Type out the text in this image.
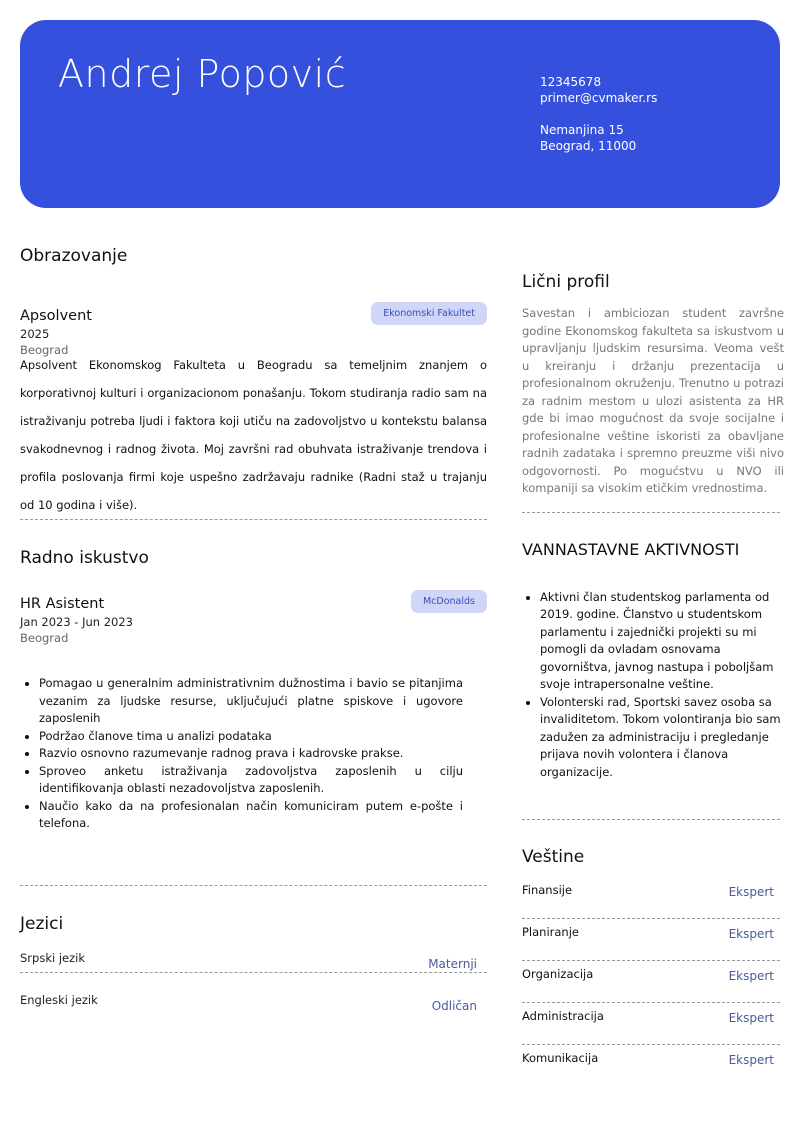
Andrej Popović	12345678
primer@cvmaker.rs
Nemanjina 15
Beograd, 11000
Obrazovanje
Ekonomski Fakultet
Apsolvent
2025
Beograd
Apsolvent Ekonomskog Fakulteta u Beogradu sa temeljnim znanjem o korporativnoj kulturi i organizacionom ponašanju. Tokom studiranja radio sam na istraživanju potreba ljudi i faktora koji utiču na zadovoljstvo u kontekstu balansa svakodnevnog i radnog života. Moj završni rad obuhvata istraživanje trendova i profila poslovanja firmi koje uspešno zadržavaju radnike (Radni staž u trajanju od 10 godina i više).
Radno iskustvo
McDonalds
HR Asistent
Jan 2023 - Jun 2023
Beograd
• Pomagao u generalnim administrativnim dužnostima i bavio se pitanjima vezanim za ljudske resurse, uključujući platne spiskove i ugovore zaposlenih
• Podržao članove tima u analizi podataka
• Razvio osnovno razumevanje radnog prava i kadrovske prakse.
• Sproveo anketu istraživanja zadovoljstva zaposlenih u cilju identifikovanja oblasti nezadovoljstva zaposlenih.
• Naučio kako da na profesionalan način komuniciram putem e-pošte i telefona.
Jezici
Srpski jezik	Maternji
Engleski jezik	Odličan
Lični profil
Savestan i ambiciozan student završne godine Ekonomskog fakulteta sa iskustvom u upravljanju ljudskim resursima. Veoma vešt u kreiranju i držanju prezentacija u profesionalnom okruženju. Trenutno u potrazi za radnim mestom u ulozi asistenta za HR gde bi imao mogućnost da svoje socijalne i profesionalne veštine iskoristi za obavljane radnih zadataka i spremno preuzme viši nivo odgovornosti. Po mogućstvu u NVO ili kompaniji sa visokim etičkim vrednostima.
VANNASTAVNE AKTIVNOSTI
• Aktivni član studentskog parlamenta od 2019. godine. Članstvo u studentskom parlamentu i zajednički projekti su mi pomogli da ovladam osnovama govorništva, javnog nastupa i poboljšam svoje intrapersonalne veštine.
• Volonterski rad, Sportski savez osoba sa invaliditetom. Tokom volontiranja bio sam zadužen za administraciju i pregledanje prijava novih volontera i članova organizacije.
Veštine
Finansije	Ekspert
Planiranje	Ekspert
Organizacija	Ekspert
Administracija	Ekspert
Komunikacija	Ekspert
